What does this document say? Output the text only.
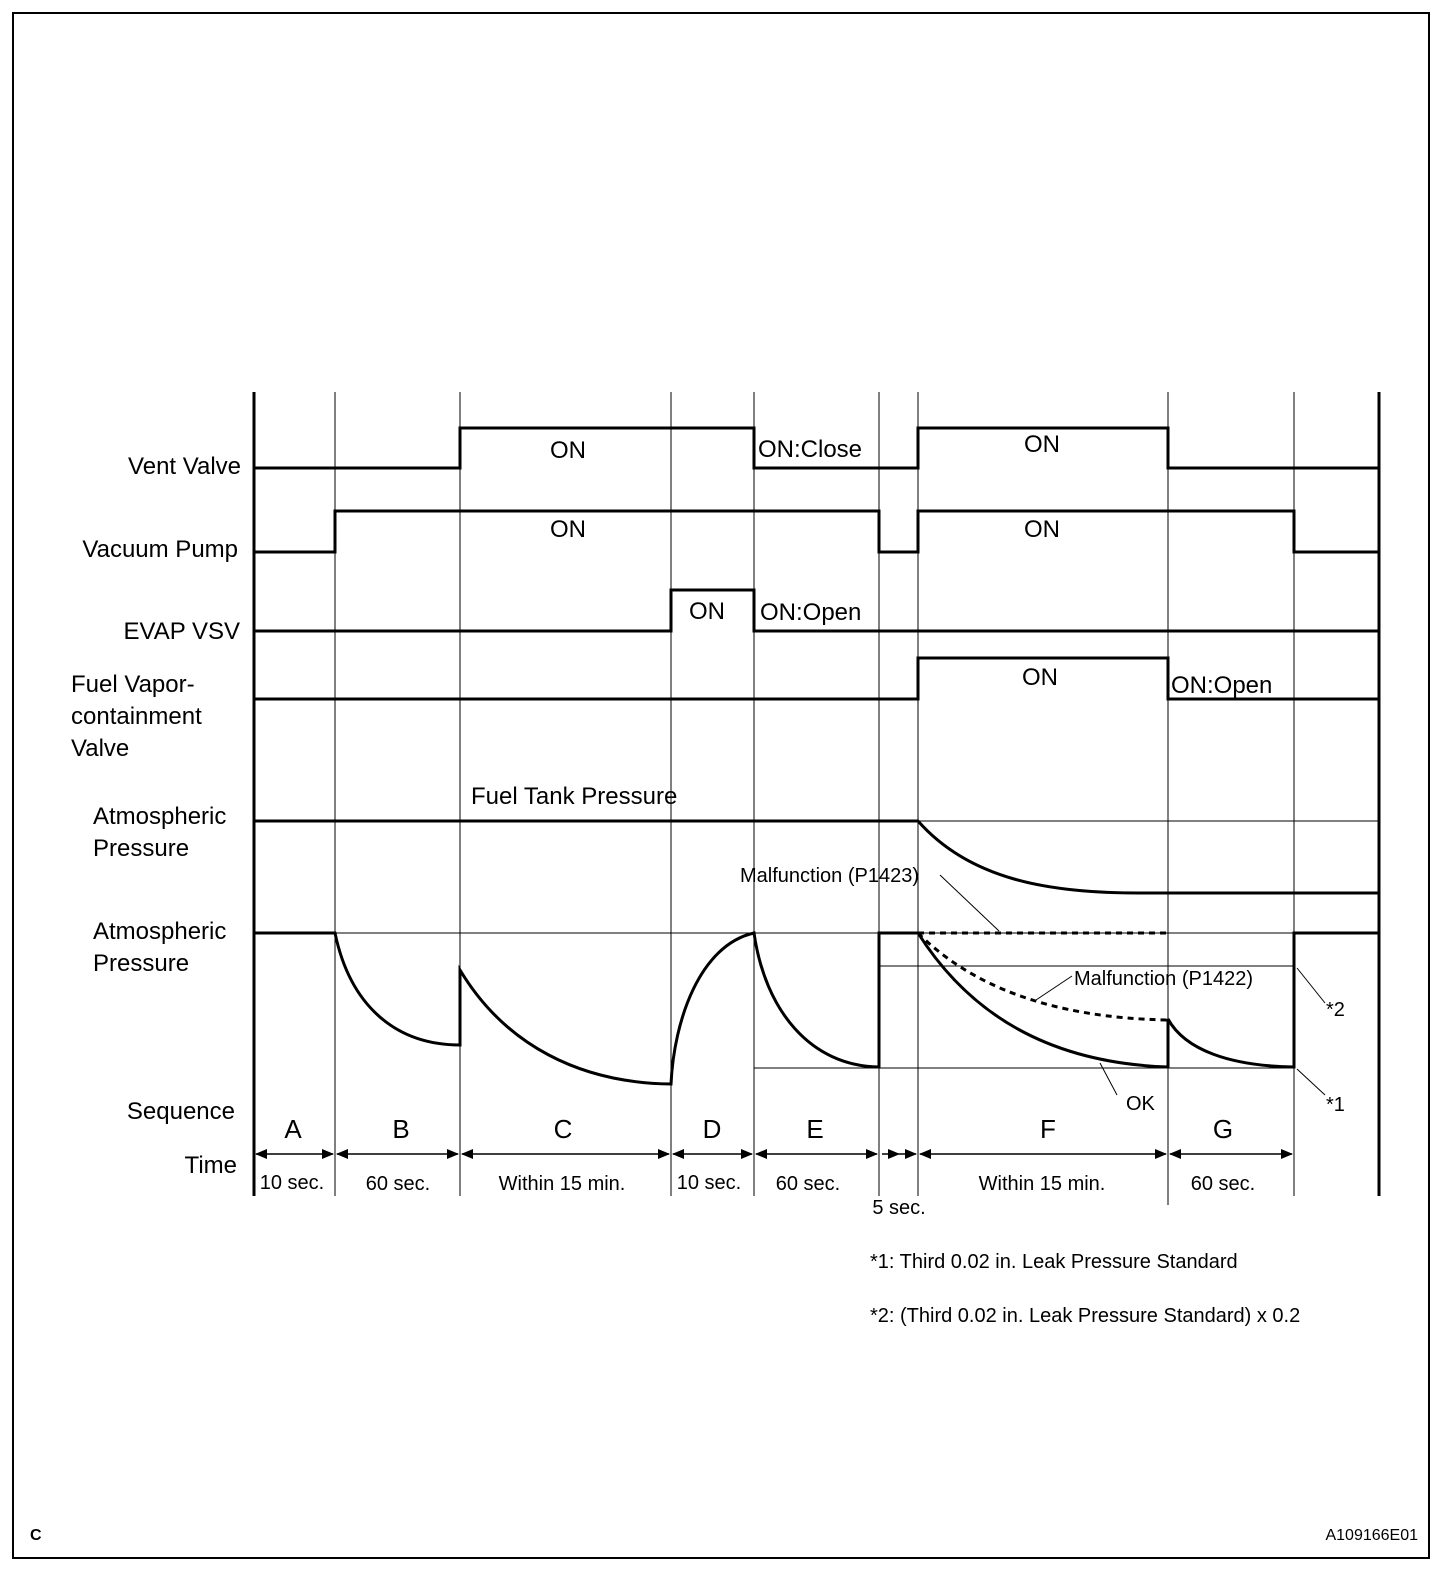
Vent Valve
Vacuum Pump
EVAP VSV
Fuel Vapor-
containment
Valve
Atmospheric
Pressure
Atmospheric
Pressure
Sequence
Time
ON	ON:Close	ON
ON	ON
ON ON:Open
ON	ON:Open
Fuel Tank Pressure
Malfunction (P1423)
Malfunction (P1422)
OK
*2
*1
A	B	C	D	E	F	G
10 sec. 60 sec.	Within 15 min.	10 sec. 60 sec.
5 sec.
Within 15 min.	60 sec.
*1: Third 0.02 in. Leak Pressure Standard
*2: (Third 0.02 in. Leak Pressure Standard) x 0.2
C	A109166E01
